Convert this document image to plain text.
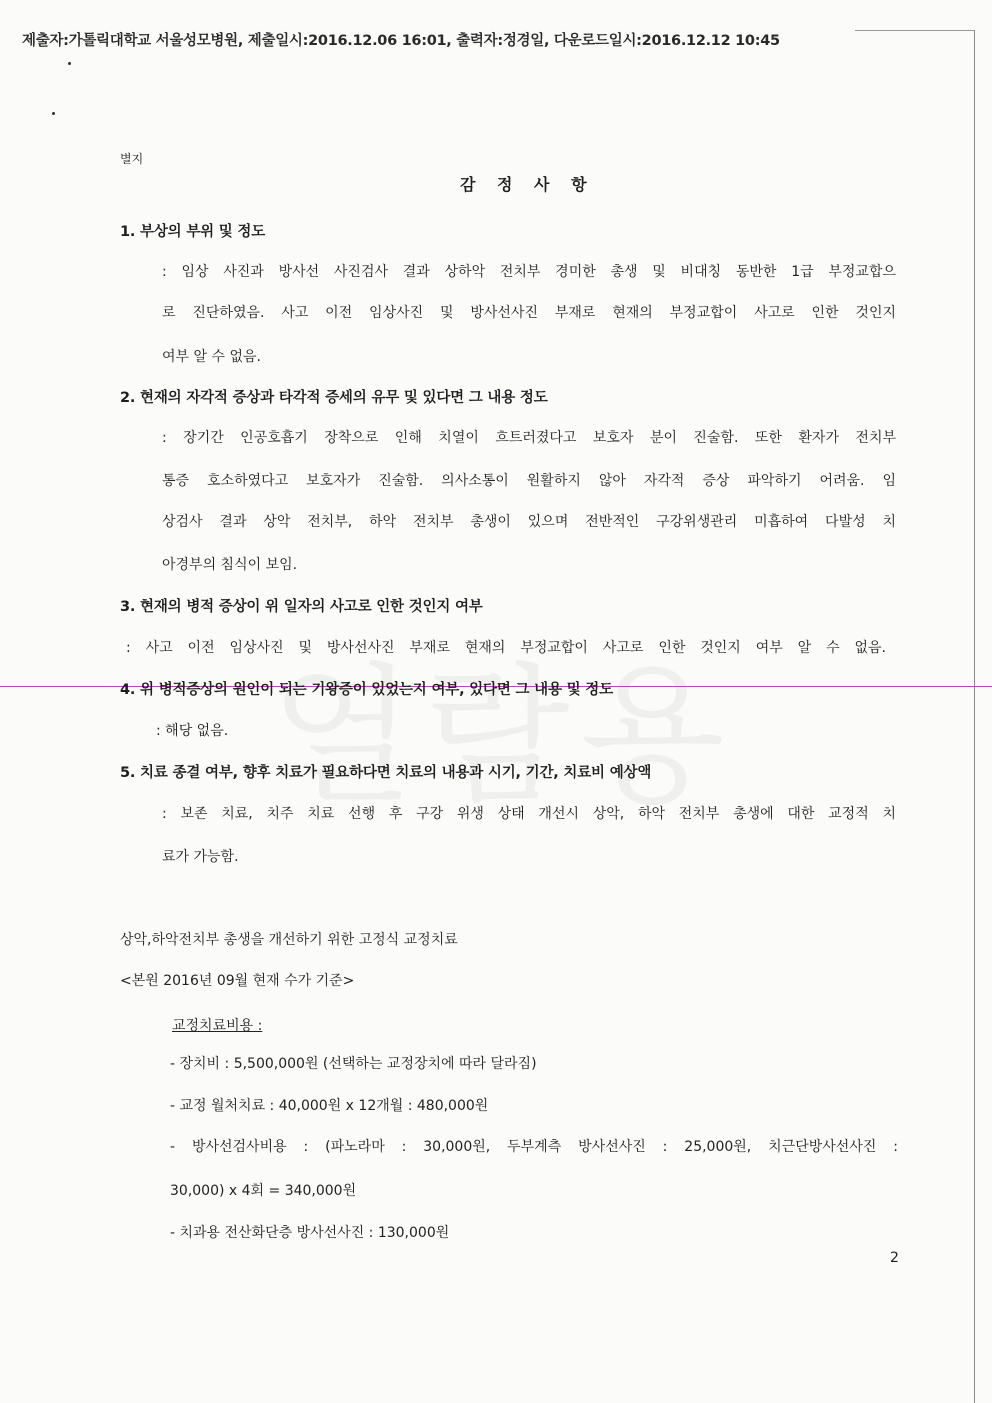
제출자:가톨릭대학교 서울성모병원, 제출일시:2016.12.06 16:01, 출력자:정경일, 다운로드일시:2016.12.12 10:45
별지
감 정 사 항
1. 부상의 부위 및 정도
: 임상 사진과 방사선 사진검사 결과 상하악 전치부 경미한 총생 및 비대칭 동반한 1급 부정교합으
로 진단하였음. 사고 이전 임상사진 및 방사선사진 부재로 현재의 부정교합이 사고로 인한 것인지
여부 알 수 없음.
2. 현재의 자각적 증상과 타각적 증세의 유무 및 있다면 그 내용 정도
: 장기간 인공호흡기 장착으로 인해 치열이 흐트러졌다고 보호자 분이 진술함. 또한 환자가 전치부
통증 호소하였다고 보호자가 진술함. 의사소통이 원활하지 않아 자각적 증상 파악하기 어려움. 임
상검사 결과 상악 전치부, 하악 전치부 총생이 있으며 전반적인 구강위생관리 미흡하여 다발성 치
아경부의 침식이 보임.
3. 현재의 병적 증상이 위 일자의 사고로 인한 것인지 여부
: 사고 이전 임상사진 및 방사선사진 부재로 현재의 부정교합이 사고로 인한 것인지 여부 알 수 없음.
4. 위 병적증상의 원인이 되는 기왕증이 있었는지 여부, 있다면 그 내용 및 정도
: 해당 없음.
5. 치료 종결 여부, 향후 치료가 필요하다면 치료의 내용과 시기, 기간, 치료비 예상액
: 보존 치료, 치주 치료 선행 후 구강 위생 상태 개선시 상악, 하악 전치부 총생에 대한 교정적 치
료가 가능함.
상악,하악전치부 총생을 개선하기 위한 고정식 교정치료
<본원 2016년 09월 현재 수가 기준>
교정치료비용 :
- 장치비 : 5,500,000원 (선택하는 교정장치에 따라 달라짐)
- 교정 월처치료 : 40,000원 x 12개월 : 480,000원
- 방사선검사비용 : (파노라마 : 30,000원, 두부계측 방사선사진 : 25,000원, 치근단방사선사진 :
30,000) x 4회 = 340,000원
- 치과용 전산화단층 방사선사진 : 130,000원
2
